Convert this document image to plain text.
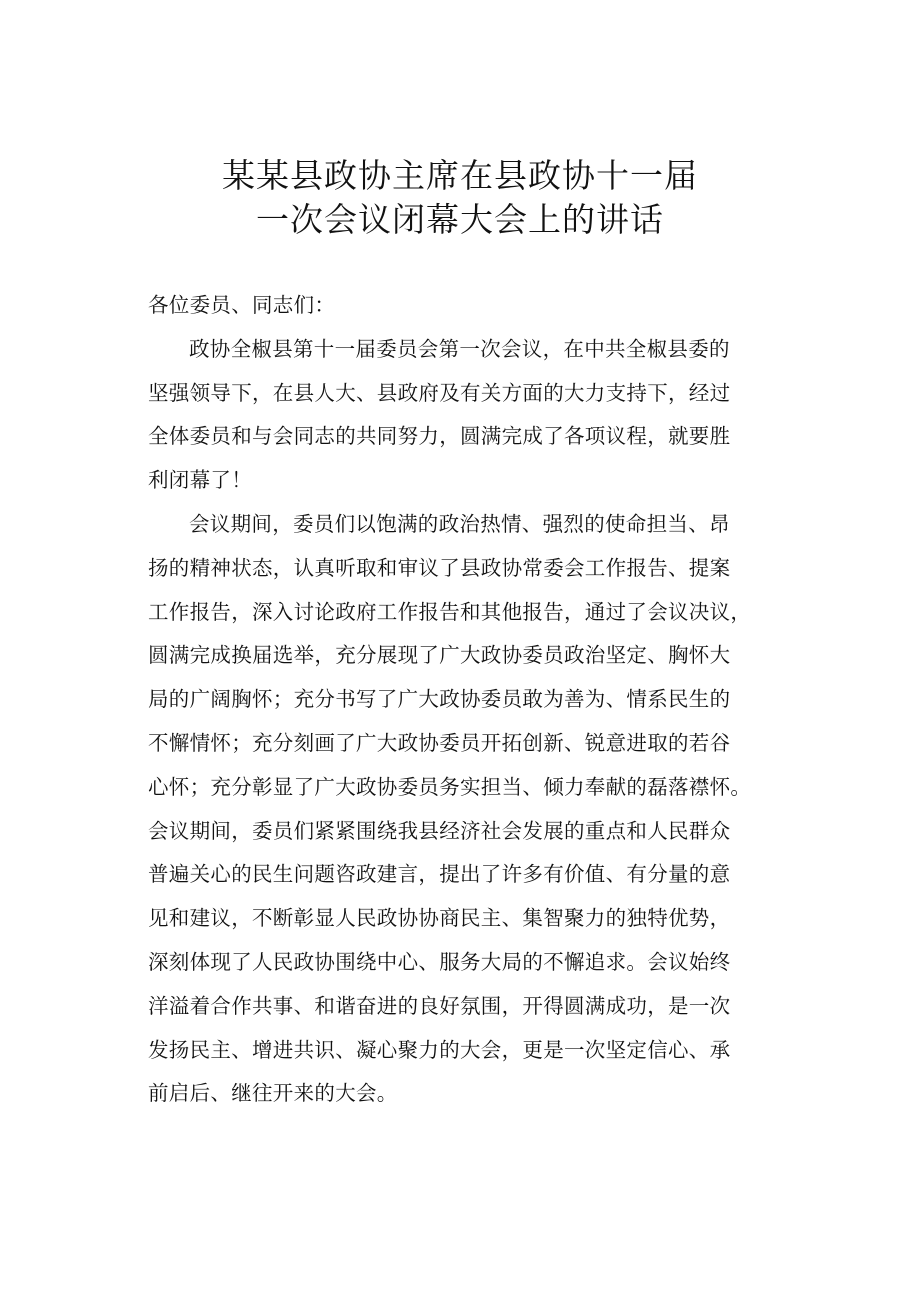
某某县政协主席在县政协十一届
一次会议闭幕大会上的讲话

各位委员、同志们：

政协全椒县第十一届委员会第一次会议，在中共全椒县委的
坚强领导下，在县人大、县政府及有关方面的大力支持下，经过
全体委员和与会同志的共同努力，圆满完成了各项议程，就要胜
利闭幕了！

会议期间，委员们以饱满的政治热情、强烈的使命担当、昂
扬的精神状态，认真听取和审议了县政协常委会工作报告、提案
工作报告，深入讨论政府工作报告和其他报告，通过了会议决议，
圆满完成换届选举，充分展现了广大政协委员政治坚定、胸怀大
局的广阔胸怀；充分书写了广大政协委员敢为善为、情系民生的
不懈情怀；充分刻画了广大政协委员开拓创新、锐意进取的若谷
心怀；充分彰显了广大政协委员务实担当、倾力奉献的磊落襟怀。
会议期间，委员们紧紧围绕我县经济社会发展的重点和人民群众
普遍关心的民生问题咨政建言，提出了许多有价值、有分量的意
见和建议，不断彰显人民政协协商民主、集智聚力的独特优势，
深刻体现了人民政协围绕中心、服务大局的不懈追求。会议始终
洋溢着合作共事、和谐奋进的良好氛围，开得圆满成功，是一次
发扬民主、增进共识、凝心聚力的大会，更是一次坚定信心、承
前启后、继往开来的大会。
